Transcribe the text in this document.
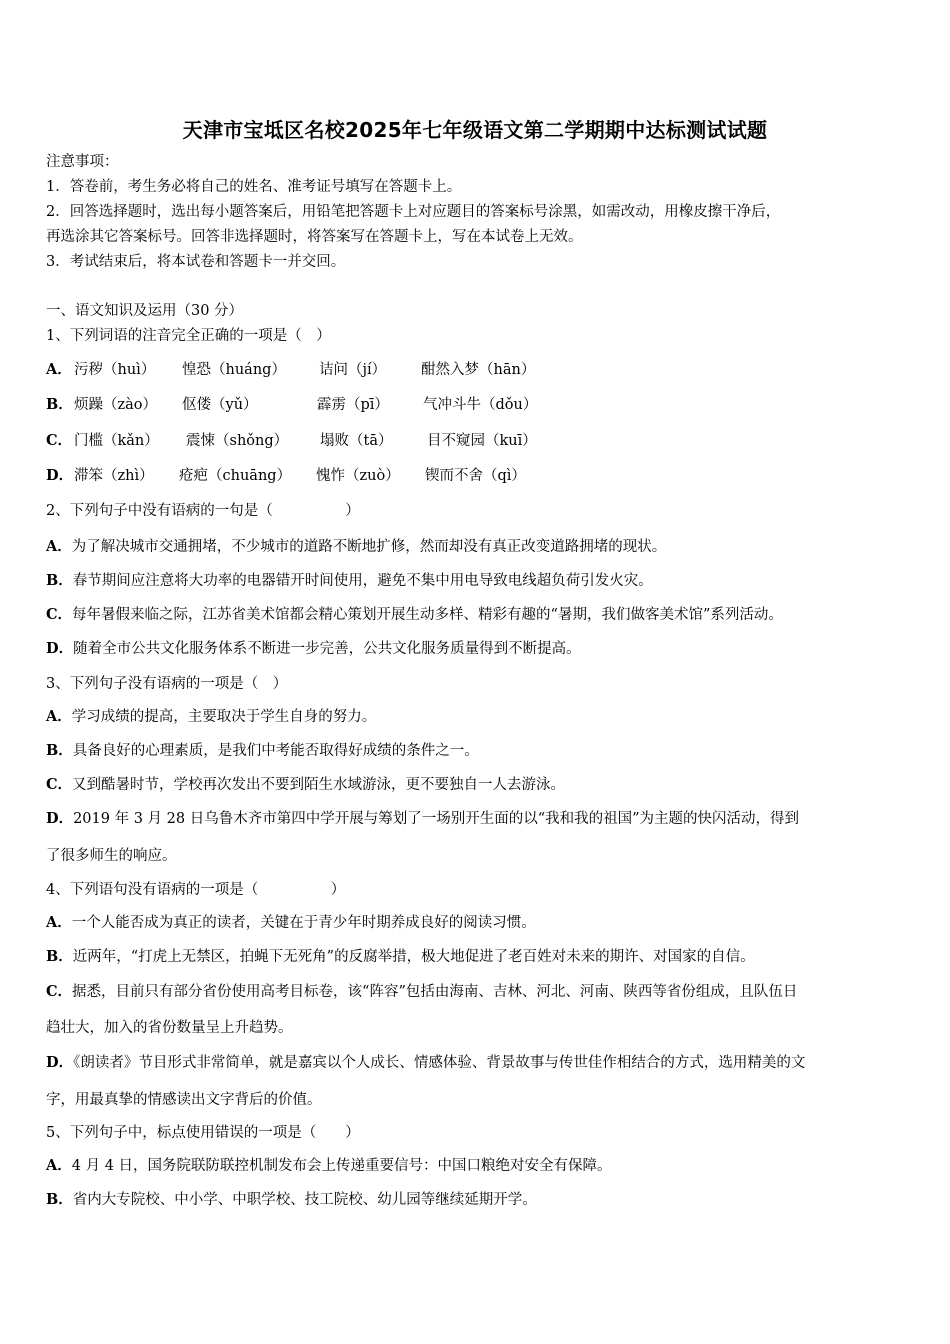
天津市宝坻区名校2025年七年级语文第二学期期中达标测试试题
注意事项：
1．答卷前，考生务必将自己的姓名、准考证号填写在答题卡上。
2．回答选择题时，选出每小题答案后，用铅笔把答题卡上对应题目的答案标号涂黑，如需改动，用橡皮擦干净后，
再选涂其它答案标号。回答非选择题时，将答案写在答题卡上，写在本试卷上无效。
3．考试结束后，将本试卷和答题卡一并交回。
一、语文知识及运用（30 分）
1、下列词语的注音完全正确的一项是（　）
A． 污秽（huì） 惶恐（huáng） 诘问（jí） 酣然入梦（hān）
B． 烦躁（zào） 伛偻（yǔ）	霹雳（pī） 气冲斗牛（dǒu）
C． 门槛（kǎn） 震悚（shǒng） 塌败（tā） 目不窥园（kuī）
D． 滞笨（zhì） 疮疤（chuāng） 愧怍（zuò） 锲而不舍（qì）
2、下列句子中没有语病的一句是（　　　　　）
A．为了解决城市交通拥堵，不少城市的道路不断地扩修，然而却没有真正改变道路拥堵的现状。
B．春节期间应注意将大功率的电器错开时间使用，避免不集中用电导致电线超负荷引发火灾。
C．每年暑假来临之际，江苏省美术馆都会精心策划开展生动多样、精彩有趣的“暑期，我们做客美术馆”系列活动。
D．随着全市公共文化服务体系不断进一步完善，公共文化服务质量得到不断提高。
3、下列句子没有语病的一项是（　）
A．学习成绩的提高，主要取决于学生自身的努力。
B．具备良好的心理素质，是我们中考能否取得好成绩的条件之一。
C．又到酷暑时节，学校再次发出不要到陌生水域游泳，更不要独自一人去游泳。
D．2019 年 3 月 28 日乌鲁木齐市第四中学开展与筹划了一场别开生面的以“我和我的祖国”为主题的快闪活动，得到
了很多师生的响应。
4、下列语句没有语病的一项是（　　　　　）
A．一个人能否成为真正的读者，关键在于青少年时期养成良好的阅读习惯。
B．近两年，“打虎上无禁区，拍蝇下无死角”的反腐举措，极大地促进了老百姓对未来的期许、对国家的自信。
C．据悉，目前只有部分省份使用高考目标卷，该“阵容”包括由海南、吉林、河北、河南、陕西等省份组成，且队伍日
趋壮大，加入的省份数量呈上升趋势。
D．《朗读者》节目形式非常简单，就是嘉宾以个人成长、情感体验、背景故事与传世佳作相结合的方式，选用精美的文
字，用最真挚的情感读出文字背后的价值。
5、下列句子中，标点使用错误的一项是（　　）
A．4 月 4 日，国务院联防联控机制发布会上传递重要信号：中国口粮绝对安全有保障。
B．省内大专院校、中小学、中职学校、技工院校、幼儿园等继续延期开学。
